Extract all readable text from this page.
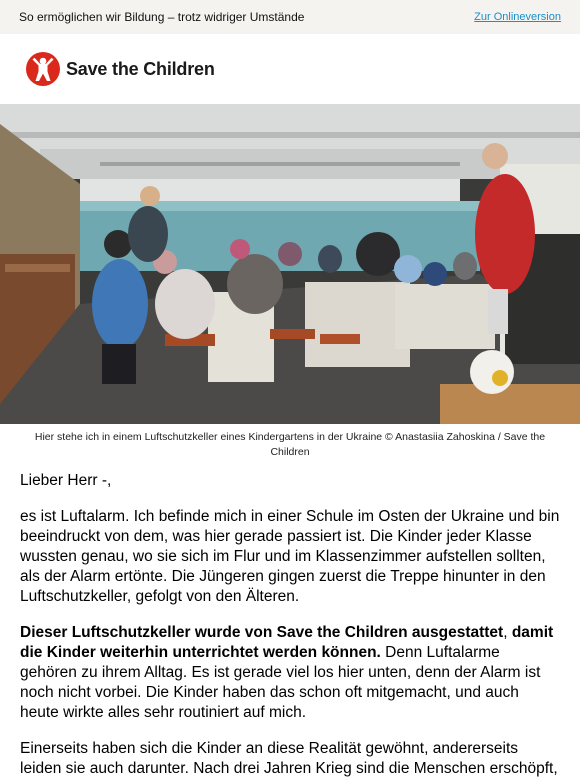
So ermöglichen wir Bildung – trotz widriger Umstände	Zur Onlineversion
Save the Children
Hier stehe ich in einem Luftschutzkeller eines Kindergartens in der Ukraine © Anastasiia Zahoskina / Save the Children

Lieber Herr -,

es ist Luftalarm. Ich befinde mich in einer Schule im Osten der Ukraine und bin beeindruckt von dem, was hier gerade passiert ist. Die Kinder jeder Klasse wussten genau, wo sie sich im Flur und im Klassenzimmer aufstellen sollten, als der Alarm ertönte. Die Jüngeren gingen zuerst die Treppe hinunter in den Luftschutzkeller, gefolgt von den Älteren.

Dieser Luftschutzkeller wurde von Save the Children ausgestattet, damit die Kinder weiterhin unterrichtet werden können. Denn Luftalarme gehören zu ihrem Alltag. Es ist gerade viel los hier unten, denn der Alarm ist noch nicht vorbei. Die Kinder haben das schon oft mitgemacht, und auch heute wirkte alles sehr routiniert auf mich.

Einerseits haben sich die Kinder an diese Realität gewöhnt, andererseits leiden sie auch darunter. Nach drei Jahren Krieg sind die Menschen erschöpft,
